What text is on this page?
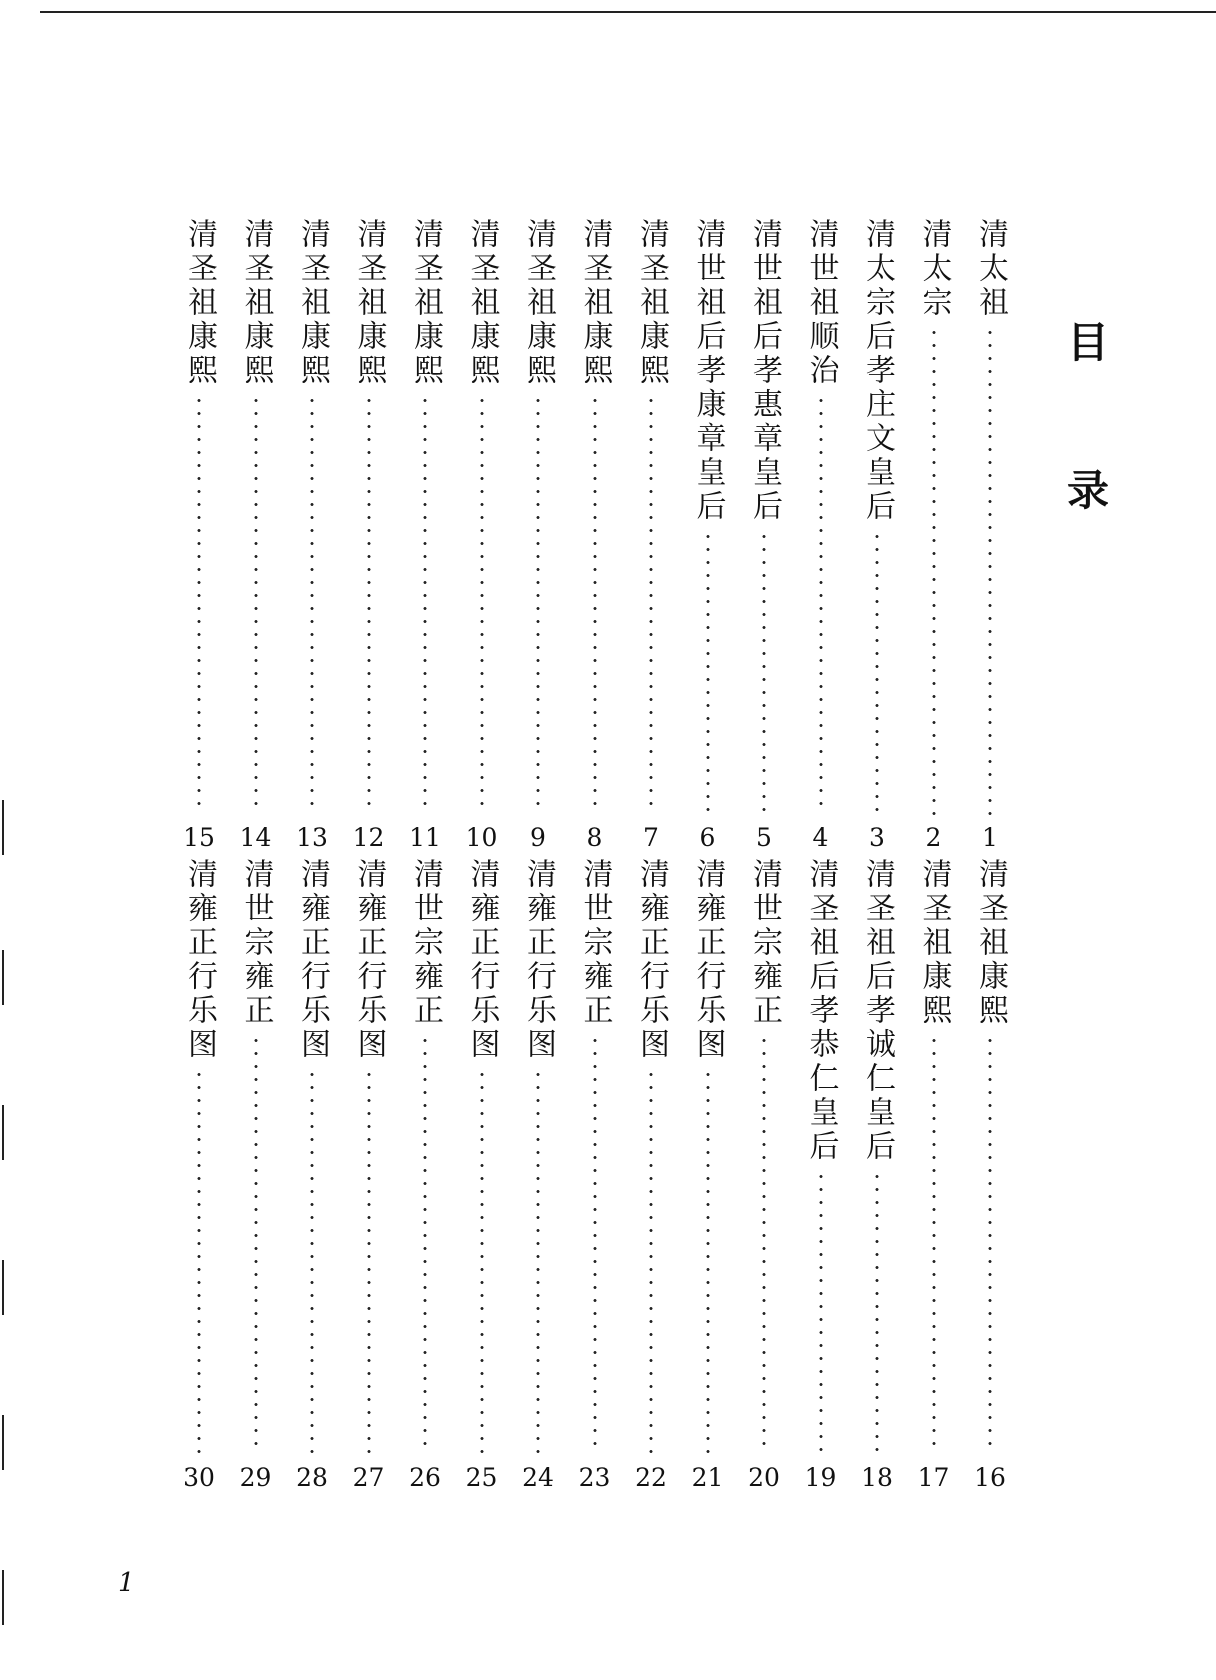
目
录
清太祖
1
清太宗
2
清太宗后孝庄文皇后
3
清世祖顺治
4
清世祖后孝惠章皇后
5
清世祖后孝康章皇后
6
清圣祖康熙
7
清圣祖康熙
8
清圣祖康熙
9
清圣祖康熙
10
清圣祖康熙
11
清圣祖康熙
12
清圣祖康熙
13
清圣祖康熙
14
清圣祖康熙
15
清圣祖康熙
16
清圣祖康熙
17
清圣祖后孝诚仁皇后
18
清圣祖后孝恭仁皇后
19
清世宗雍正
20
清雍正行乐图
21
清雍正行乐图
22
清世宗雍正
23
清雍正行乐图
24
清雍正行乐图
25
清世宗雍正
26
清雍正行乐图
27
清雍正行乐图
28
清世宗雍正
29
清雍正行乐图
30
1
